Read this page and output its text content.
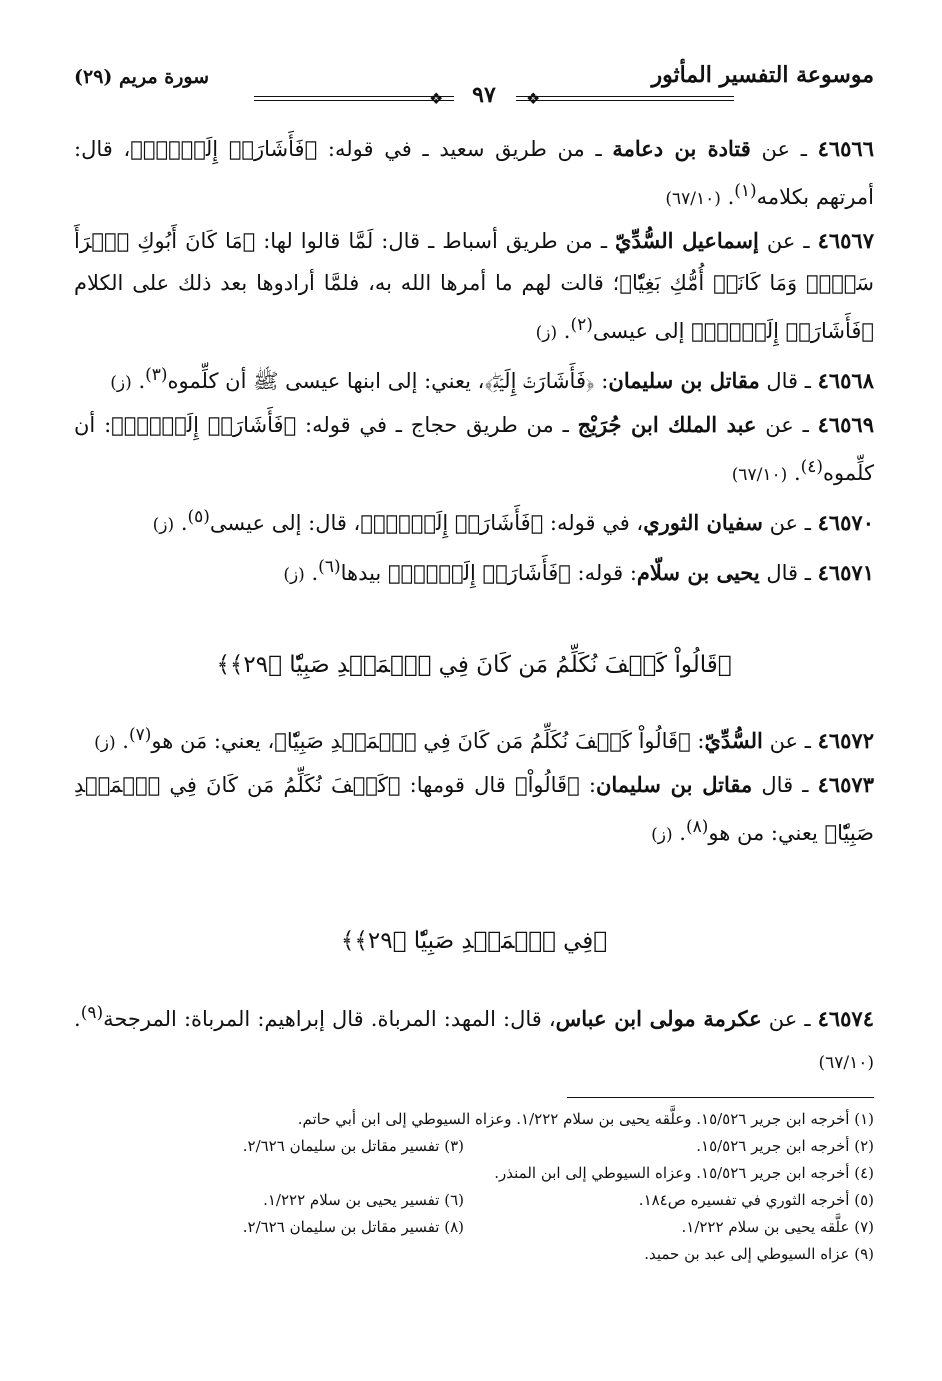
موسوعة التفسير المأثور
❖	❖
٩٧
سورة مريم (٢٩)

٤٦٥٦٦ ـ عن قتادة بن دعامة ـ من طريق سعيد ـ في قوله: ﴿فَأَشَارَتۡ إِلَيۡهِۖ﴾، قال: أمرتهم بكلامه$^{(١)}$. (٦٧/١٠)

٤٦٥٦٧ ـ عن إسماعيل السُّدِّيّ ـ من طريق أسباط ـ قال: لَمَّا قالوا لها: ﴿مَا كَانَ أَبُوكِ ٱمۡرَأَ سَوۡءٖ وَمَا كَانَتۡ أُمُّكِ بَغِيّٗا﴾؛ قالت لهم ما أمرها الله به، فلمَّا أرادوها بعد ذلك على الكلام ﴿فَأَشَارَتۡ إِلَيۡهِۖ﴾ إلى عيسى$^{(٢)}$. (ز)

٤٦٥٦٨ ـ قال مقاتل بن سليمان: ﴿فَأَشَارَتۡ إِلَيۡهِۖ﴾، يعني: إلى ابنها عيسى ﷺ أن كلِّموه$^{(٣)}$. (ز)

٤٦٥٦٩ ـ عن عبد الملك ابن جُرَيْج ـ من طريق حجاج ـ في قوله: ﴿فَأَشَارَتۡ إِلَيۡهِۖ﴾: أن كلِّموه$^{(٤)}$. (٦٧/١٠)

٤٦٥٧٠ ـ عن سفيان الثوري، في قوله: ﴿فَأَشَارَتۡ إِلَيۡهِۖ﴾، قال: إلى عيسى$^{(٥)}$. (ز)

٤٦٥٧١ ـ قال يحيى بن سلّام: قوله: ﴿فَأَشَارَتۡ إِلَيۡهِۖ﴾ بيدها$^{(٦)}$. (ز)

﴿قَالُواْ كَيۡفَ نُكَلِّمُ مَن كَانَ فِي ٱلۡمَهۡدِ صَبِيّٗا ﴿٢٩﴾﴾

٤٦٥٧٢ ـ عن السُّدِّيّ: ﴿قَالُواْ كَيۡفَ نُكَلِّمُ مَن كَانَ فِي ٱلۡمَهۡدِ صَبِيّٗا﴾، يعني: مَن هو$^{(٧)}$. (ز)

٤٦٥٧٣ ـ قال مقاتل بن سليمان: ﴿قَالُواْ﴾ قال قومها: ﴿كَيۡفَ نُكَلِّمُ مَن كَانَ فِي ٱلۡمَهۡدِ صَبِيّٗا﴾ يعني: من هو$^{(٨)}$. (ز)

﴿فِي ٱلۡمَهۡدِ صَبِيّٗا ﴿٢٩﴾﴾

٤٦٥٧٤ ـ عن عكرمة مولى ابن عباس، قال: المهد: المرباة. قال إبراهيم: المرباة: المرجحة$^{(٩)}$. (٦٧/١٠)

(١) أخرجه ابن جرير ١٥/٥٢٦. وعلَّقه يحيى بن سلام ١/٢٢٢. وعزاه السيوطي إلى ابن أبي حاتم.
(٢) أخرجه ابن جرير ١٥/٥٢٦.
(٣) تفسير مقاتل بن سليمان ٢/٦٢٦.
(٤) أخرجه ابن جرير ١٥/٥٢٦. وعزاه السيوطي إلى ابن المنذر.
(٥) أخرجه الثوري في تفسيره ص١٨٤.
(٦) تفسير يحيى بن سلام ١/٢٢٢.
(٧) علَّقه يحيى بن سلام ١/٢٢٢.
(٨) تفسير مقاتل بن سليمان ٢/٦٢٦.
(٩) عزاه السيوطي إلى عبد بن حميد.
